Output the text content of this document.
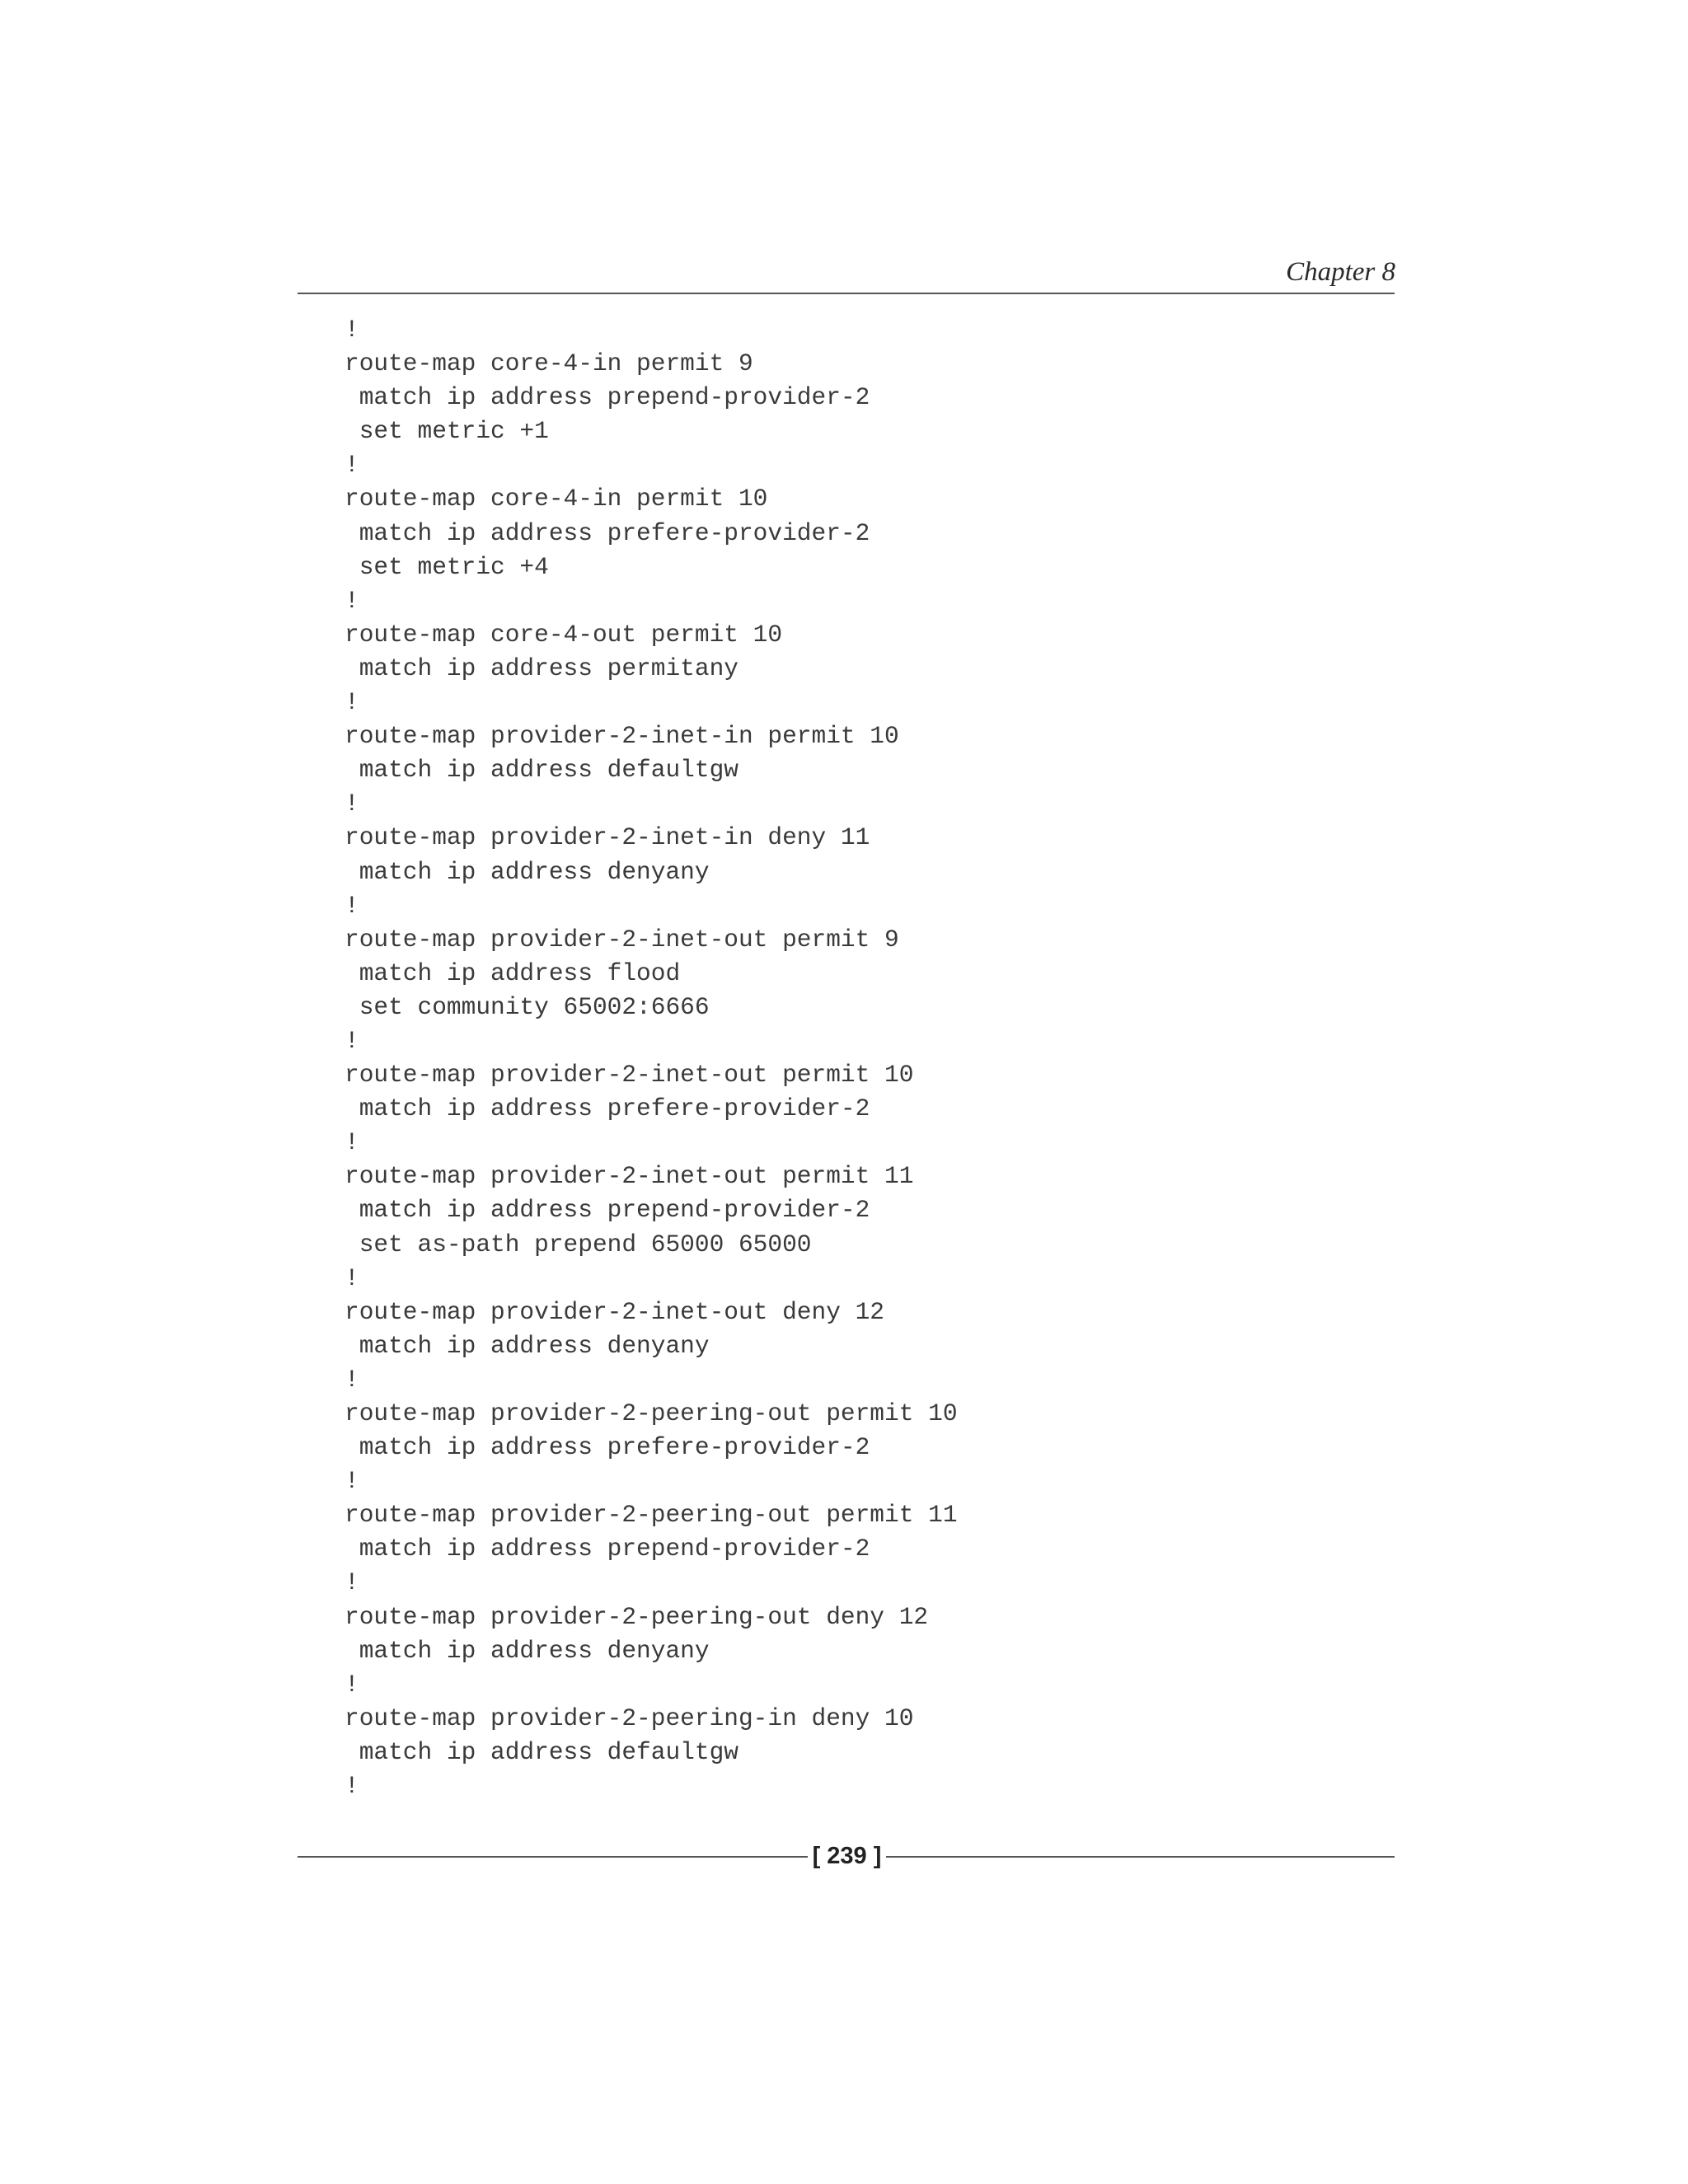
Chapter 8
!
route-map core-4-in permit 9
match ip address prepend-provider-2
set metric +1
!
route-map core-4-in permit 10
match ip address prefere-provider-2
set metric +4
!
route-map core-4-out permit 10
match ip address permitany
!
route-map provider-2-inet-in permit 10
match ip address defaultgw
!
route-map provider-2-inet-in deny 11
match ip address denyany
!
route-map provider-2-inet-out permit 9
match ip address flood
set community 65002:6666
!
route-map provider-2-inet-out permit 10
match ip address prefere-provider-2
!
route-map provider-2-inet-out permit 11
match ip address prepend-provider-2
set as-path prepend 65000 65000
!
route-map provider-2-inet-out deny 12
match ip address denyany
!
route-map provider-2-peering-out permit 10
match ip address prefere-provider-2
!
route-map provider-2-peering-out permit 11
match ip address prepend-provider-2
!
route-map provider-2-peering-out deny 12
match ip address denyany
!
route-map provider-2-peering-in deny 10
match ip address defaultgw
!
[ 239 ]
